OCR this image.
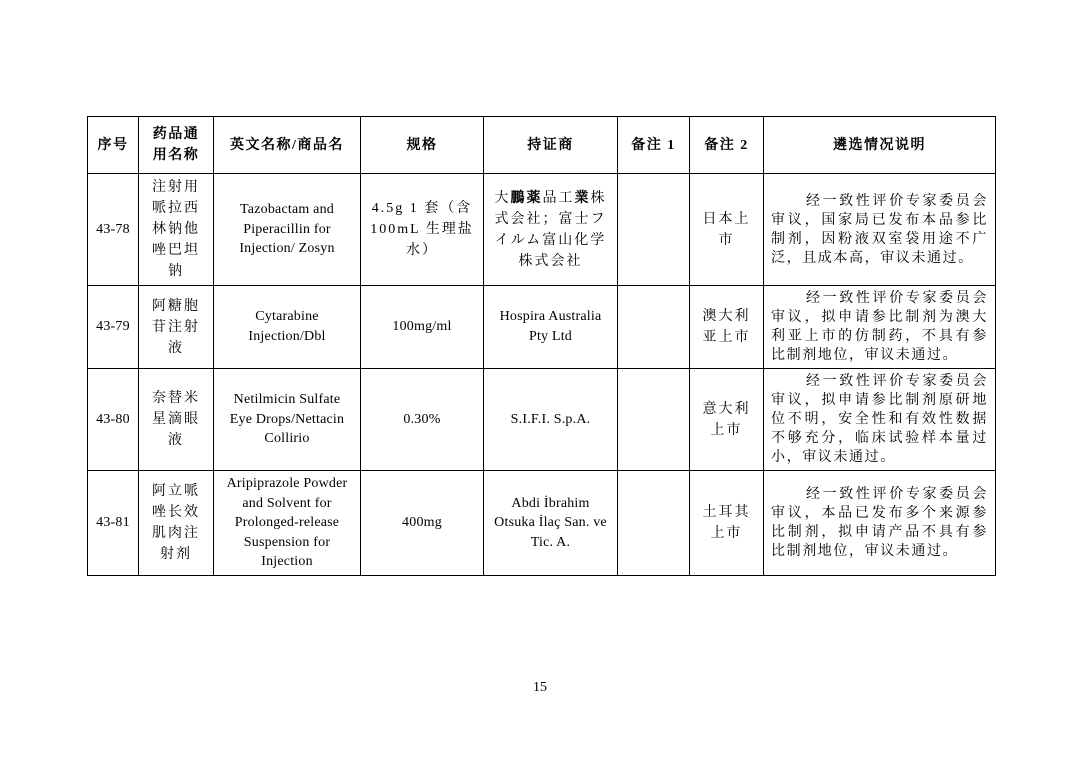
序号	药品通用名称	英文名称/商品名	规格	持证商	备注 1	备注 2	遴选情况说明
43-78	注射用哌拉西林钠他唑巴坦钠	Tazobactam and Piperacillin for Injection/ Zosyn	4.5g 1 套（含 100mL 生理盐水）	大鵬薬品工業株式会社；富士フイルム富山化学株式会社		日本上市	经一致性评价专家委员会审议，国家局已发布本品参比制剂，因粉液双室袋用途不广泛，且成本高，审议未通过。

43-79	阿糖胞苷注射液	Cytarabine Injection/Dbl	100mg/ml	Hospira Australia Pty Ltd		澳大利亚上市	经一致性评价专家委员会审议，拟申请参比制剂为澳大利亚上市的仿制药，不具有参比制剂地位，审议未通过。

43-80	奈替米星滴眼液	Netilmicin Sulfate Eye Drops/Nettacin Collirio	0.30%	S.I.F.I. S.p.A.		意大利上市	经一致性评价专家委员会审议，拟申请参比制剂原研地位不明，安全性和有效性数据不够充分，临床试验样本量过小，审议未通过。

43-81	阿立哌唑长效肌肉注射剂	Aripiprazole Powder and Solvent for Prolonged-release Suspension for Injection	400mg	Abdi İbrahim Otsuka İlaç San. ve Tic. A.		土耳其上市	经一致性评价专家委员会审议，本品已发布多个来源参比制剂，拟申请产品不具有参比制剂地位，审议未通过。
15
